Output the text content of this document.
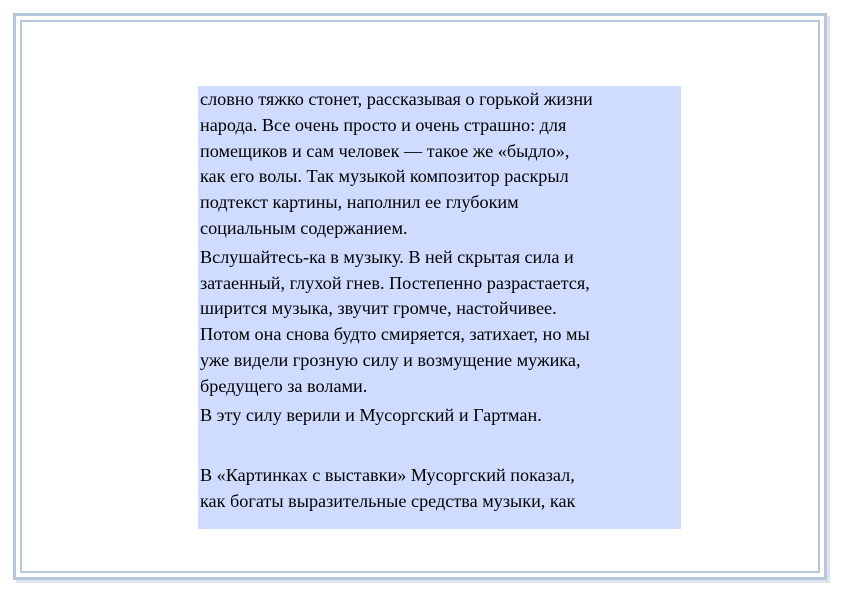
словно тяжко стонет, рассказывая о горькой жизни
народа. Все очень просто и очень страшно: для
помещиков и сам человек — такое же «быдло»,
как его волы. Так музыкой композитор раскрыл
подтекст картины, наполнил ее глубоким
социальным содержанием.

Вслушайтесь-ка в музыку. В ней скрытая сила и
затаенный, глухой гнев. Постепенно разрастается,
ширится музыка, звучит громче, настойчивее.
Потом она снова будто смиряется, затихает, но мы
уже видели грозную силу и возмущение мужика,
бредущего за волами.

В эту силу верили и Мусоргский и Гартман.

В «Картинках с выставки» Мусоргский показал,
как богаты выразительные средства музыки, как
